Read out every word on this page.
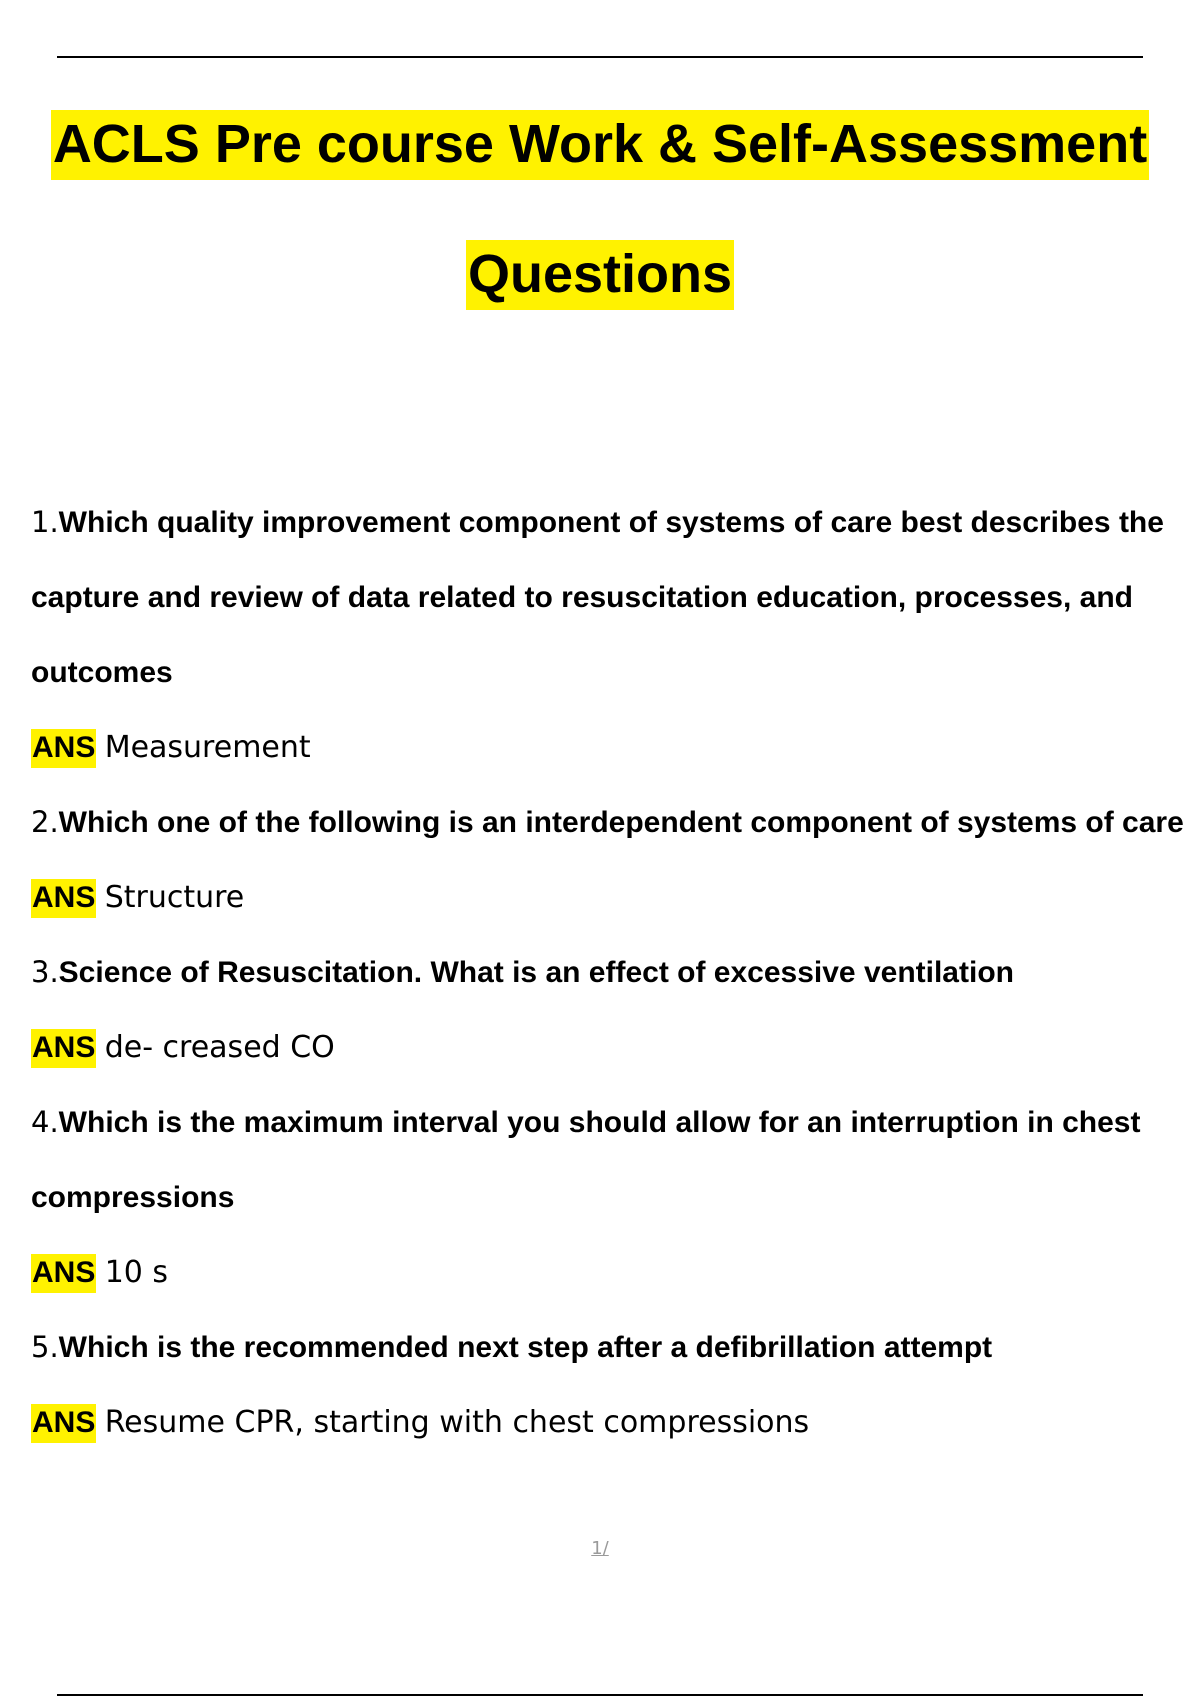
ACLS Pre course Work & Self-Assessment
Questions

1.Which quality improvement component of systems of care best describes the capture and review of data related to resuscitation education, processes, and outcomes

ANS Measurement

2.Which one of the following is an interdependent component of systems of care

ANS Structure

3.Science of Resuscitation. What is an effect of excessive ventilation

ANS de- creased CO

4.Which is the maximum interval you should allow for an interruption in chest compressions

ANS 10 s

5.Which is the recommended next step after a defibrillation attempt

ANS Resume CPR, starting with chest compressions

1/
